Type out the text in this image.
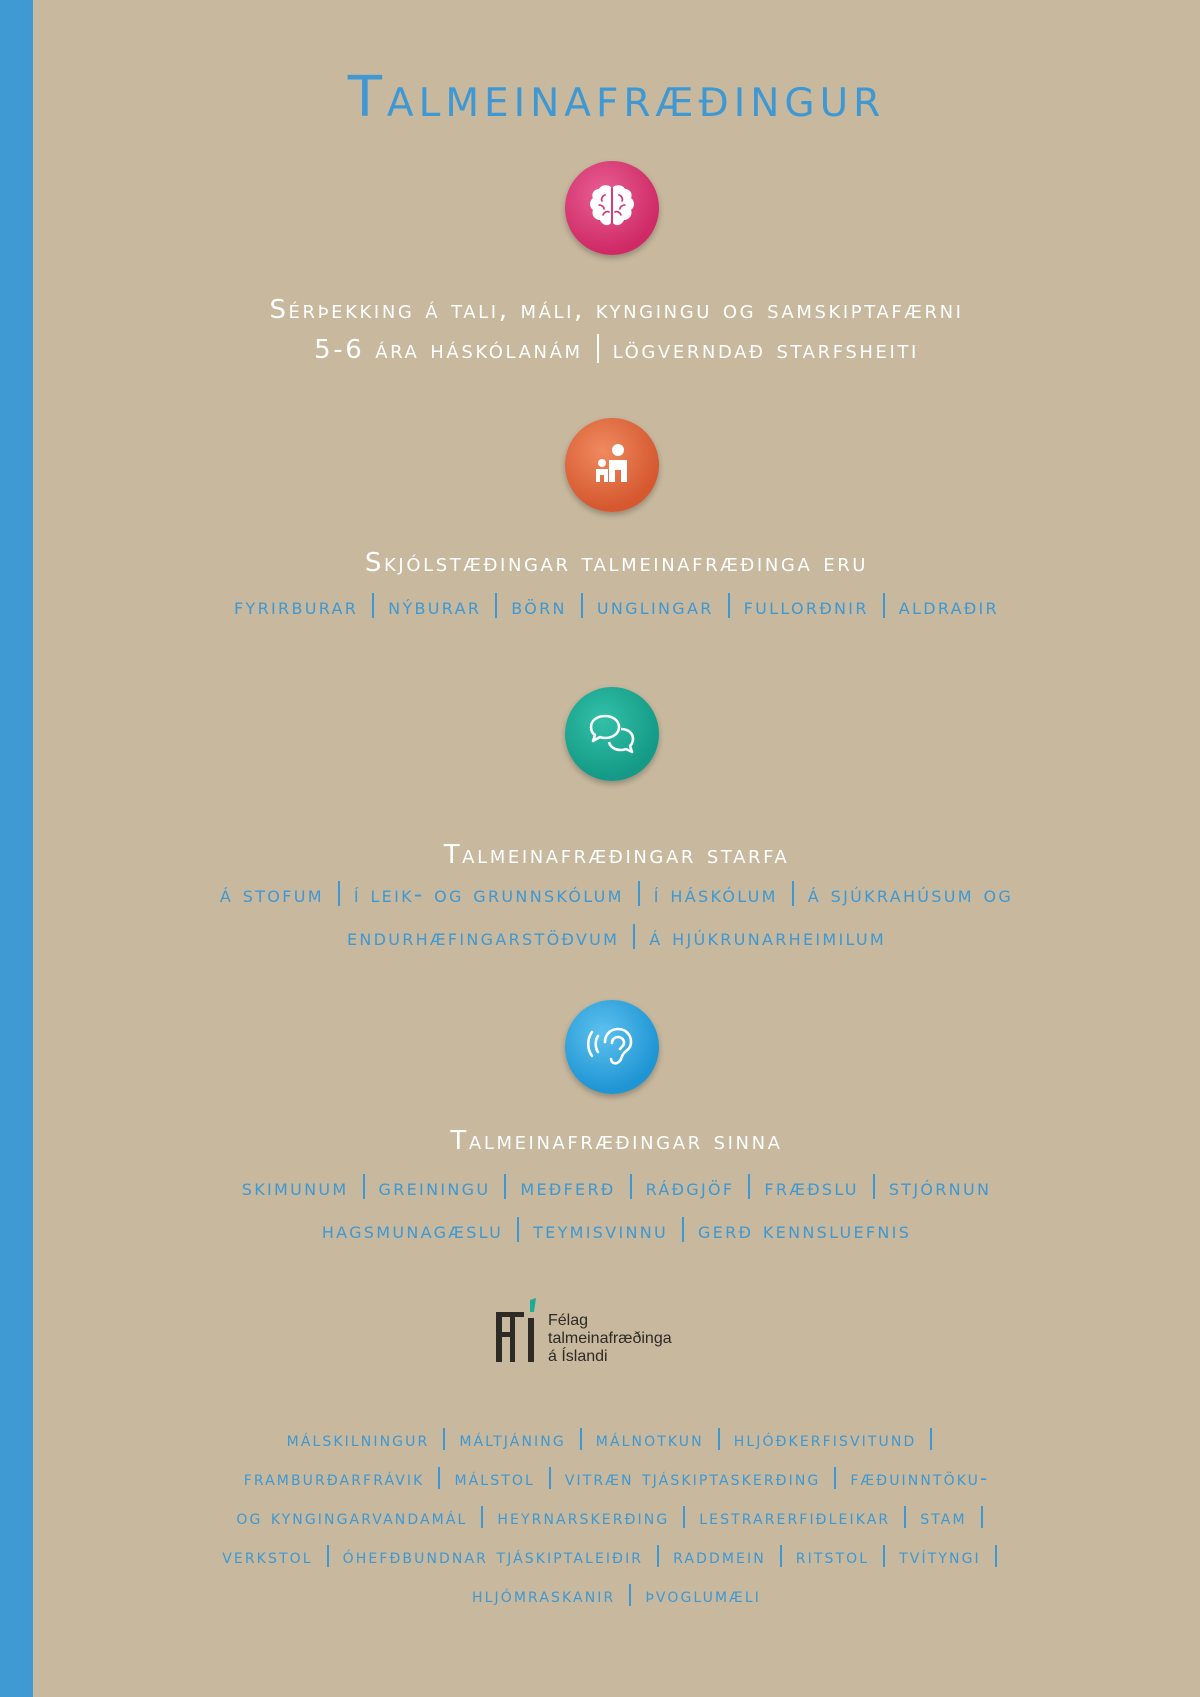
Talmeinafræðingur
Sérþekking á tali, máli, kyngingu og samskiptafærni
5-6 ára háskólanám lögverndað starfsheiti
Skjólstæðingar talmeinafræðinga eru
fyrirburar nýburar börn unglingar fullorðnir aldraðir
Talmeinafræðingar starfa
á stofum í leik- og grunnskólum í háskólum á sjúkrahúsum og
endurhæfingarstöðvum á hjúkrunarheimilum
Talmeinafræðingar sinna
skimunum greiningu meðferð ráðgjöf fræðslu stjórnun
hagsmunagæslu teymisvinnu gerð kennsluefnis
Félag
talmeinafræðinga
á Íslandi
málskilningur máltjáning málnotkun hljóðkerfisvitund
framburðarfrávik málstol vitræn tjáskiptaskerðing fæðuinntöku-
og kyngingarvandamál heyrnarskerðing lestrarerfiðleikar stam
verkstol óhefðbundnar tjáskiptaleiðir raddmein ritstol tvítyngi
hljómraskanir þvoglumæli
